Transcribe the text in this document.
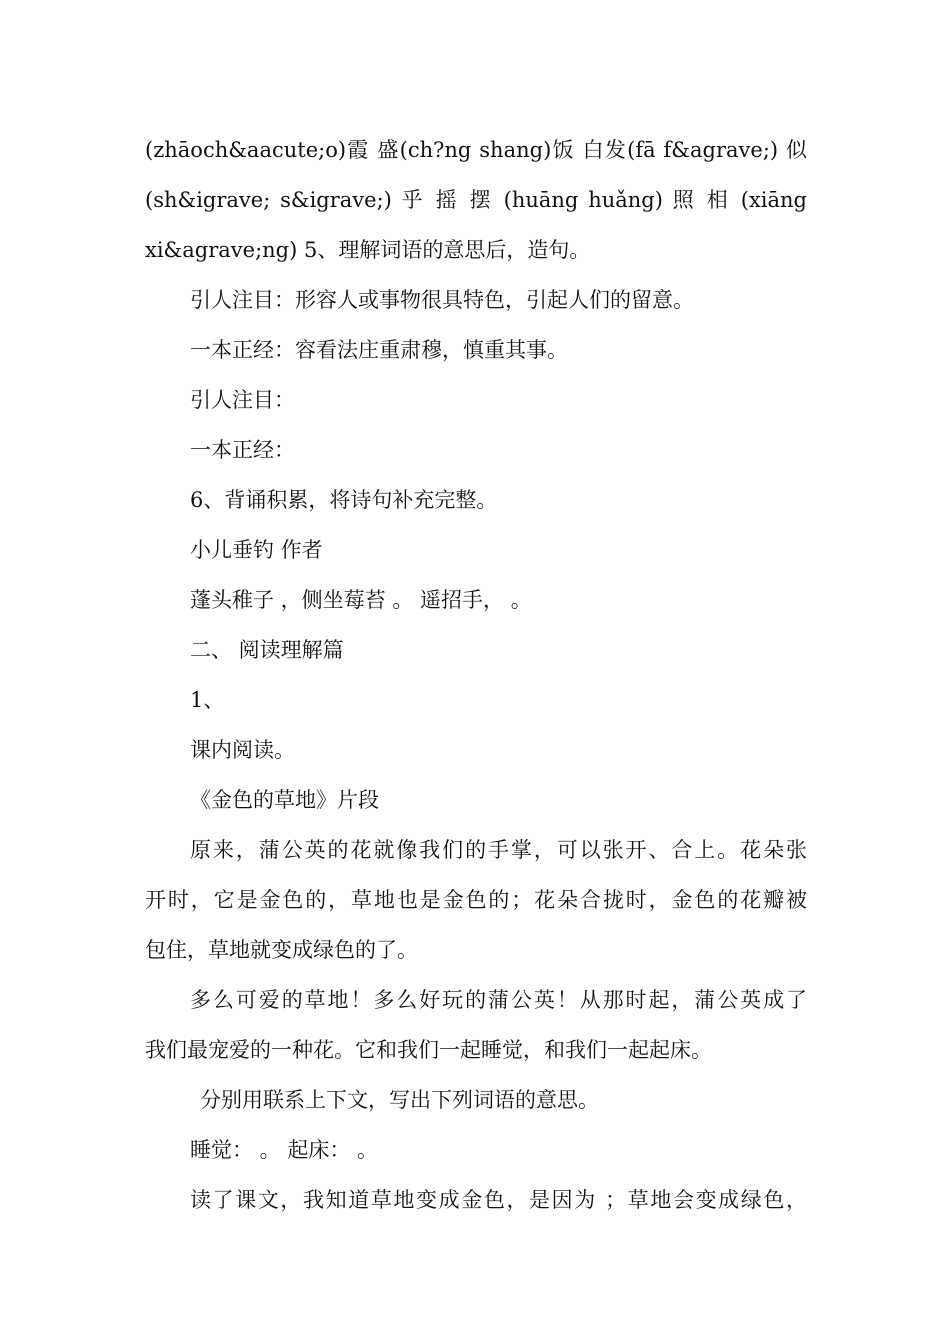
(zhāoch&aacute;o)霞 盛(ch?ng shang)饭 白发(fā f&agrave;) 似
(sh&igrave; s&igrave;) 乎 摇 摆 (huāng huǎng) 照 相 (xiāng
xi&agrave;ng) 5、理解词语的意思后，造句。
引人注目：形容人或事物很具特色，引起人们的留意。
一本正经：容看法庄重肃穆，慎重其事。
引人注目：
一本正经：
6、背诵积累，将诗句补充完整。
小儿垂钓 作者
蓬头稚子 ，侧坐莓苔 。 遥招手， 。
二、 阅读理解篇
1、
课内阅读。
《金色的草地》片段
原来，蒲公英的花就像我们的手掌，可以张开、合上。花朵张
开时，它是金色的，草地也是金色的；花朵合拢时，金色的花瓣被
包住，草地就变成绿色的了。
多么可爱的草地！多么好玩的蒲公英！从那时起，蒲公英成了
我们最宠爱的一种花。它和我们一起睡觉，和我们一起起床。
分别用联系上下文，写出下列词语的意思。
睡觉： 。 起床： 。
读了课文，我知道草地变成金色，是因为 ；草地会变成绿色，
